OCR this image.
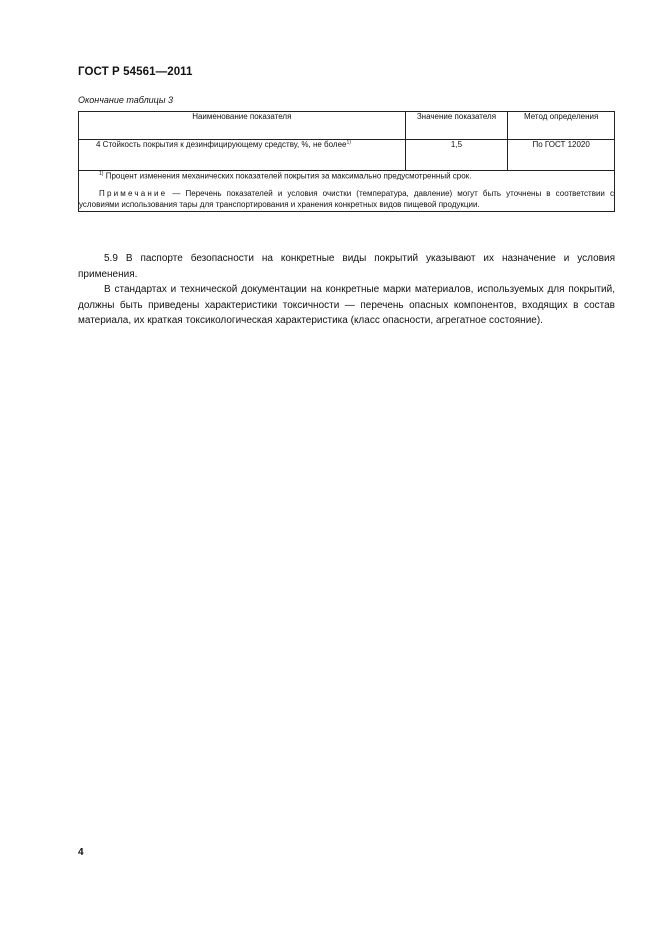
ГОСТ Р 54561—2011
Окончание таблицы 3
Наименование показателя	Значение показателя	Метод определения

4 Стойкость покрытия к дезинфицирующему средству, %, не более$^{1)}$	1,5	По ГОСТ 12020

$^{1)}$ Процент изменения механических показателей покрытия за максимально предусмотренный срок.

Примечание — Перечень показателей и условия очистки (температура, давление) могут быть уточнены в соответствии с условиями использования тары для транспортирования и хранения конкретных видов пищевой продукции.		

5.9 В паспорте безопасности на конкретные виды покрытий указывают их назначение и условия применения.

В стандартах и технической документации на конкретные марки материалов, используемых для покрытий, должны быть приведены характеристики токсичности — перечень опасных компонентов, входящих в состав материала, их краткая токсикологическая характеристика (класс опасности, агрегатное состояние).

4
